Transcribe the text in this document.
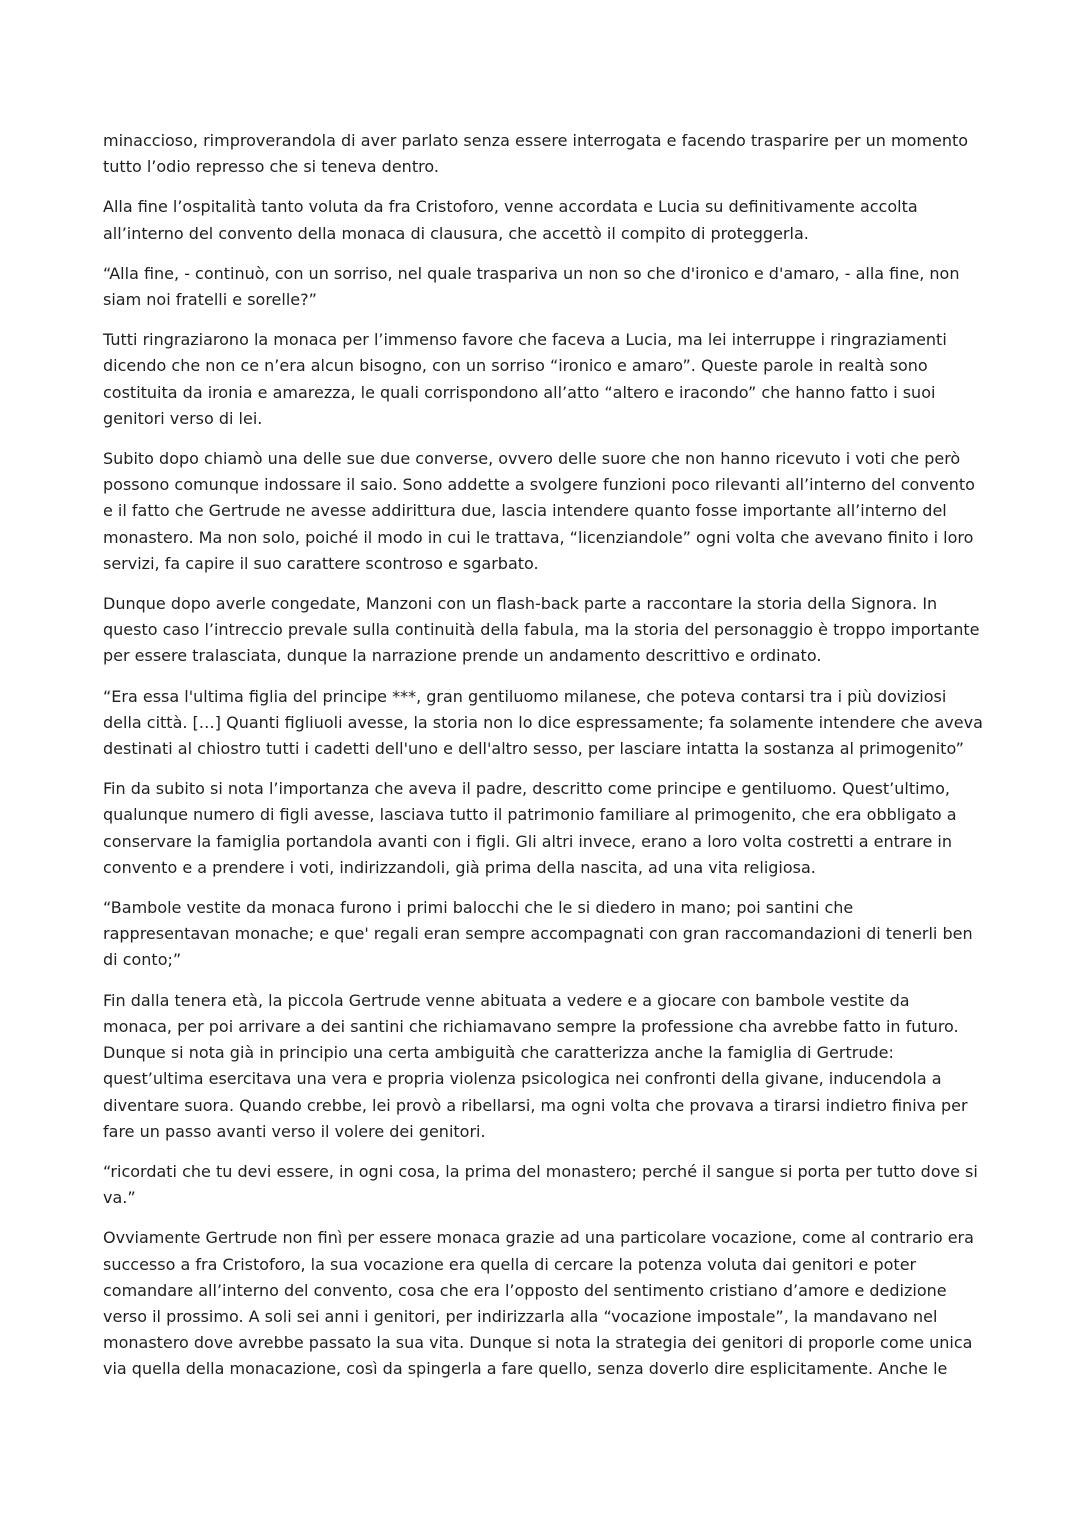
minaccioso, rimproverandola di aver parlato senza essere interrogata e facendo trasparire per un momento tutto l’odio represso che si teneva dentro.

Alla fine l’ospitalità tanto voluta da fra Cristoforo, venne accordata e Lucia su definitivamente accolta all’interno del convento della monaca di clausura, che accettò il compito di proteggerla.

“Alla fine, - continuò, con un sorriso, nel quale traspariva un non so che d'ironico e d'amaro, - alla fine, non siam noi fratelli e sorelle?”

Tutti ringraziarono la monaca per l’immenso favore che faceva a Lucia, ma lei interruppe i ringraziamenti dicendo che non ce n’era alcun bisogno, con un sorriso “ironico e amaro”. Queste parole in realtà sono costituita da ironia e amarezza, le quali corrispondono all’atto “altero e iracondo” che hanno fatto i suoi genitori verso di lei.

Subito dopo chiamò una delle sue due converse, ovvero delle suore che non hanno ricevuto i voti che però possono comunque indossare il saio. Sono addette a svolgere funzioni poco rilevanti all’interno del convento e il fatto che Gertrude ne avesse addirittura due, lascia intendere quanto fosse importante all’interno del monastero. Ma non solo, poiché il modo in cui le trattava, “licenziandole” ogni volta che avevano finito i loro servizi, fa capire il suo carattere scontroso e sgarbato.

Dunque dopo averle congedate, Manzoni con un flash-back parte a raccontare la storia della Signora. In questo caso l’intreccio prevale sulla continuità della fabula, ma la storia del personaggio è troppo importante per essere tralasciata, dunque la narrazione prende un andamento descrittivo e ordinato.

“Era essa l'ultima figlia del principe ***, gran gentiluomo milanese, che poteva contarsi tra i più doviziosi della città. […] Quanti figliuoli avesse, la storia non lo dice espressamente; fa solamente intendere che aveva destinati al chiostro tutti i cadetti dell'uno e dell'altro sesso, per lasciare intatta la sostanza al primogenito”

Fin da subito si nota l’importanza che aveva il padre, descritto come principe e gentiluomo. Quest’ultimo, qualunque numero di figli avesse, lasciava tutto il patrimonio familiare al primogenito, che era obbligato a conservare la famiglia portandola avanti con i figli. Gli altri invece, erano a loro volta costretti a entrare in convento e a prendere i voti, indirizzandoli, già prima della nascita, ad una vita religiosa.

“Bambole vestite da monaca furono i primi balocchi che le si diedero in mano; poi santini che rappresentavan monache; e que' regali eran sempre accompagnati con gran raccomandazioni di tenerli ben di conto;”

Fin dalla tenera età, la piccola Gertrude venne abituata a vedere e a giocare con bambole vestite da monaca, per poi arrivare a dei santini che richiamavano sempre la professione cha avrebbe fatto in futuro. Dunque si nota già in principio una certa ambiguità che caratterizza anche la famiglia di Gertrude: quest’ultima esercitava una vera e propria violenza psicologica nei confronti della givane, inducendola a diventare suora. Quando crebbe, lei provò a ribellarsi, ma ogni volta che provava a tirarsi indietro finiva per fare un passo avanti verso il volere dei genitori.

“ricordati che tu devi essere, in ogni cosa, la prima del monastero; perché il sangue si porta per tutto dove si va.”

Ovviamente Gertrude non finì per essere monaca grazie ad una particolare vocazione, come al contrario era successo a fra Cristoforo, la sua vocazione era quella di cercare la potenza voluta dai genitori e poter comandare all’interno del convento, cosa che era l’opposto del sentimento cristiano d’amore e dedizione verso il prossimo. A soli sei anni i genitori, per indirizzarla alla “vocazione impostale”, la mandavano nel monastero dove avrebbe passato la sua vita. Dunque si nota la strategia dei genitori di proporle come unica via quella della monacazione, così da spingerla a fare quello, senza doverlo dire esplicitamente. Anche le
